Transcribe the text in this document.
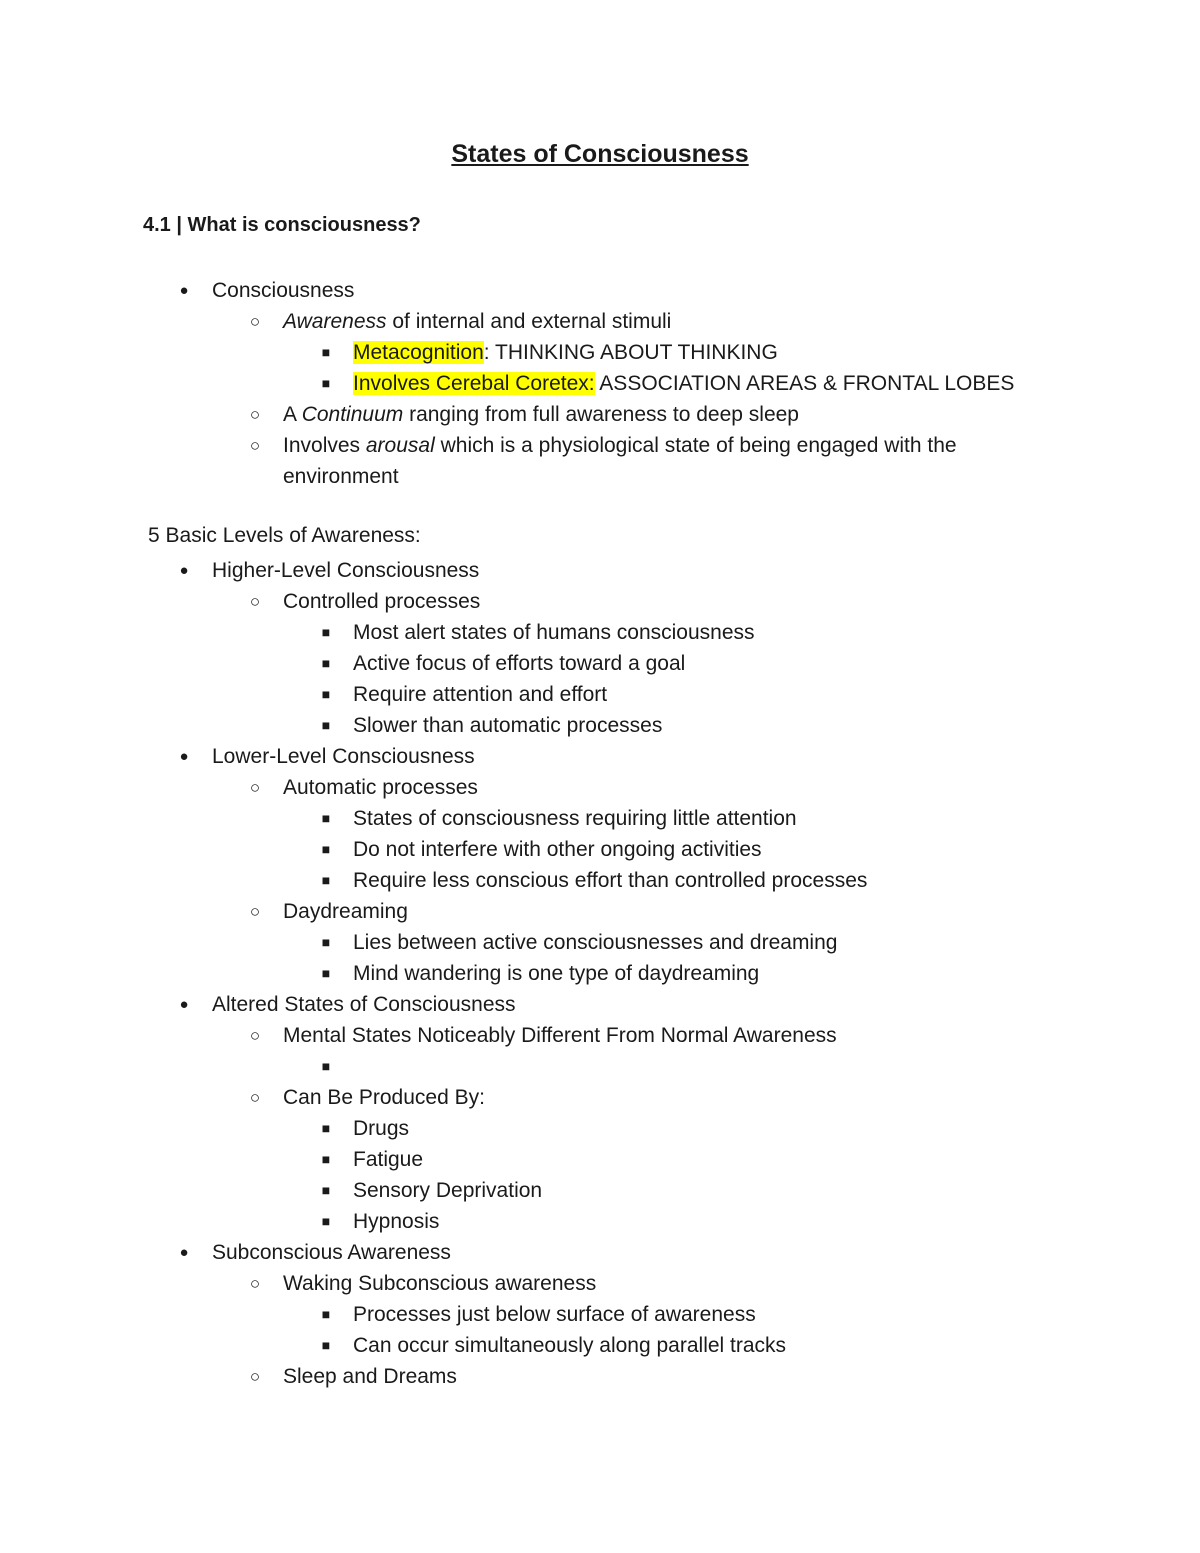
States of Consciousness
4.1 | What is consciousness?
●	Consciousness
○	Awareness of internal and external stimuli
■	Metacognition: THINKING ABOUT THINKING
■	Involves Cerebal Coretex: ASSOCIATION AREAS & FRONTAL LOBES
○	A Continuum ranging from full awareness to deep sleep
○	Involves arousal which is a physiological state of being engaged with the environment

5 Basic Levels of Awareness:

●	Higher-Level Consciousness
○	Controlled processes
■	Most alert states of humans consciousness
■	Active focus of efforts toward a goal
■	Require attention and effort
■	Slower than automatic processes
●	Lower-Level Consciousness
○	Automatic processes
■	States of consciousness requiring little attention
■	Do not interfere with other ongoing activities
■	Require less conscious effort than controlled processes
○	Daydreaming
■	Lies between active consciousnesses and dreaming
■	Mind wandering is one type of daydreaming
●	Altered States of Consciousness
○	Mental States Noticeably Different From Normal Awareness
■

○	Can Be Produced By:
■	Drugs
■	Fatigue
■	Sensory Deprivation
■	Hypnosis
●	Subconscious Awareness
○	Waking Subconscious awareness
■	Processes just below surface of awareness
■	Can occur simultaneously along parallel tracks
○	Sleep and Dreams
